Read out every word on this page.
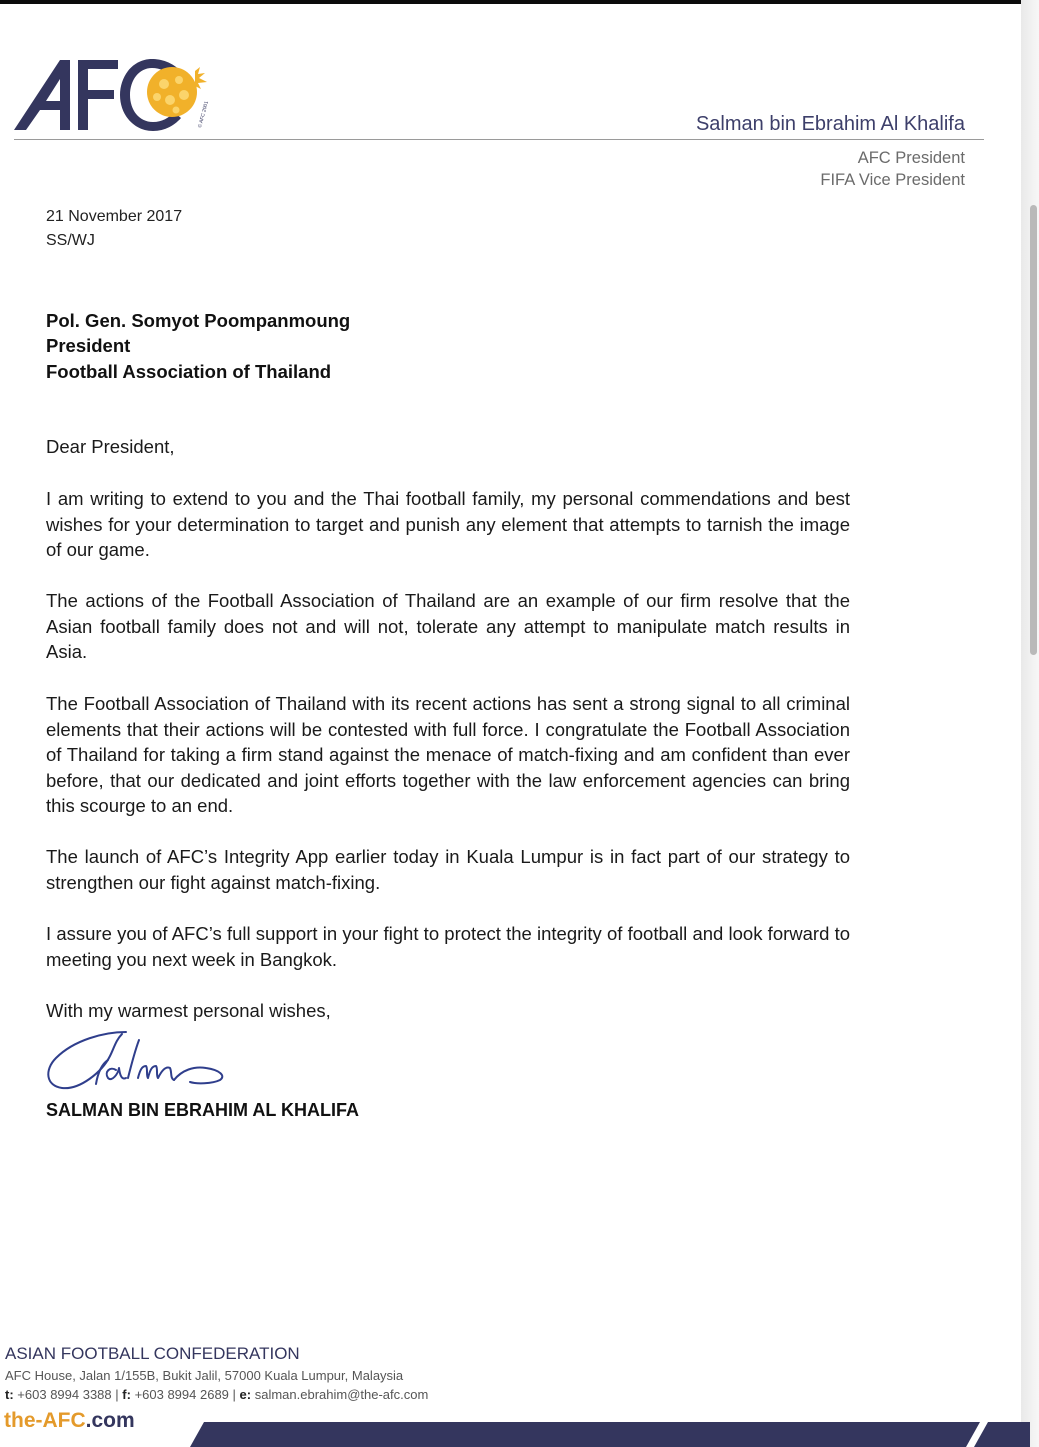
© AFC 2001	Salman bin Ebrahim Al Khalifa
AFC President
FIFA Vice President
21 November 2017
SS/WJ
Pol. Gen. Somyot Poompanmoung
President
Football Association of Thailand
Dear President,
I am writing to extend to you and the Thai football family, my personal commendations and best wishes for your determination to target and punish any element that attempts to tarnish the image of our game.
The actions of the Football Association of Thailand are an example of our firm resolve that the Asian football family does not and will not, tolerate any attempt to manipulate match results in Asia.
The Football Association of Thailand with its recent actions has sent a strong signal to all criminal elements that their actions will be contested with full force. I congratulate the Football Association of Thailand for taking a firm stand against the menace of match-fixing and am confident than ever before, that our dedicated and joint efforts together with the law enforcement agencies can bring this scourge to an end.
The launch of AFC’s Integrity App earlier today in Kuala Lumpur is in fact part of our strategy to strengthen our fight against match-fixing.
I assure you of AFC’s full support in your fight to protect the integrity of football and look forward to meeting you next week in Bangkok.
With my warmest personal wishes,
SALMAN BIN EBRAHIM AL KHALIFA
ASIAN FOOTBALL CONFEDERATION
AFC House, Jalan 1/155B, Bukit Jalil, 57000 Kuala Lumpur, Malaysia
t: +603 8994 3388 | f: +603 8994 2689 | e: salman.ebrahim@the-afc.com
the-AFC.com
